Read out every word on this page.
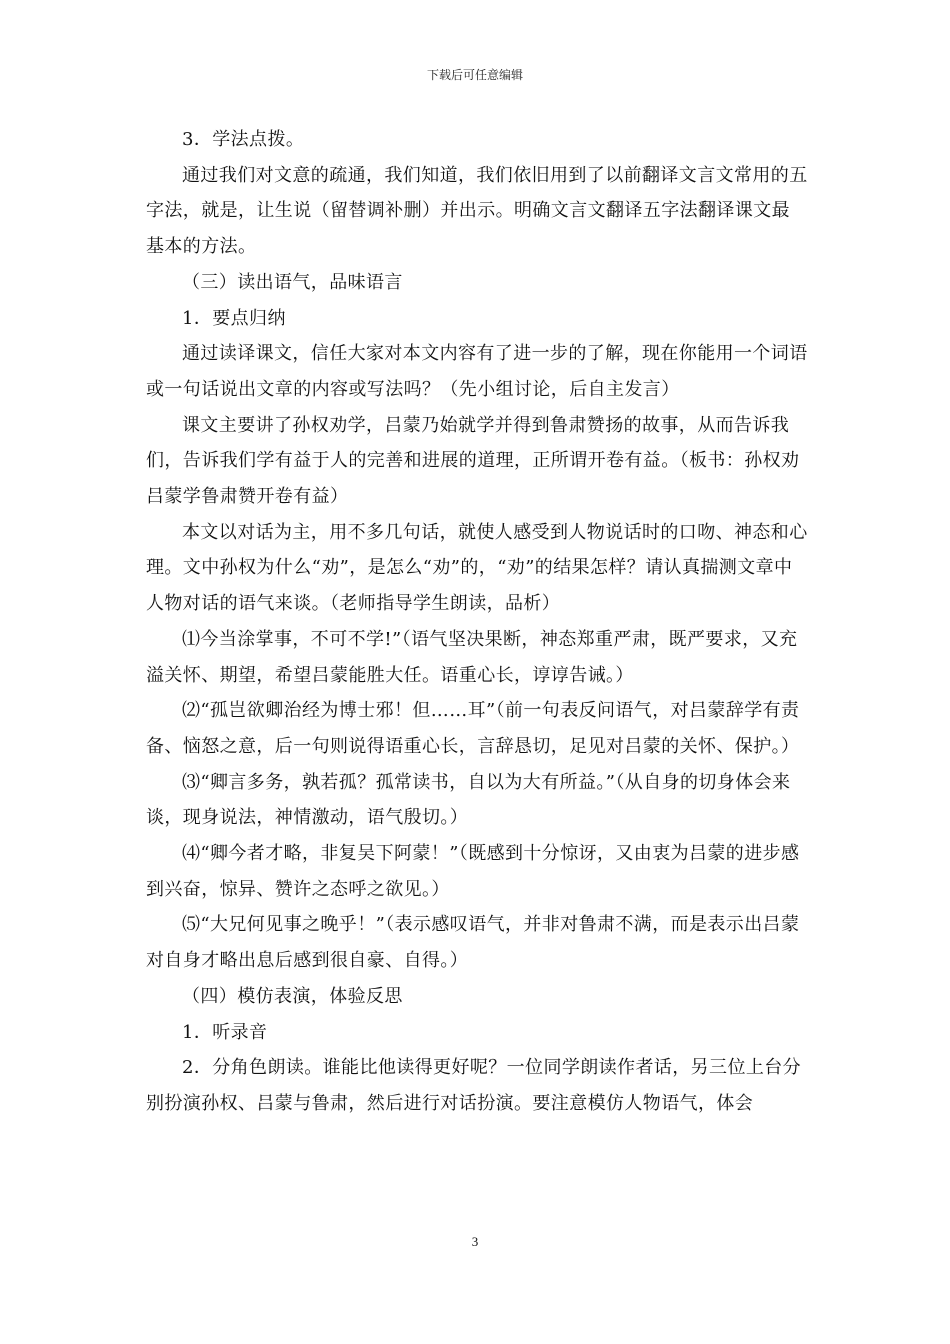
下载后可任意编辑

3．学法点拨。

通过我们对文意的疏通，我们知道，我们依旧用到了以前翻译文言文常用的五字法，就是，让生说（留替调补删）并出示。明确文言文翻译五字法翻译课文最基本的方法。

（三）读出语气，品味语言

1．要点归纳

通过读译课文，信任大家对本文内容有了进一步的了解，现在你能用一个词语或一句话说出文章的内容或写法吗？（先小组讨论，后自主发言）

课文主要讲了孙权劝学，吕蒙乃始就学并得到鲁肃赞扬的故事，从而告诉我们，告诉我们学有益于人的完善和进展的道理，正所谓开卷有益。（板书：孙权劝吕蒙学鲁肃赞开卷有益）

本文以对话为主，用不多几句话，就使人感受到人物说话时的口吻、神态和心理。文中孙权为什么“劝”，是怎么“劝”的，“劝”的结果怎样？请认真揣测文章中人物对话的语气来谈。（老师指导学生朗读，品析）

⑴今当涂掌事，不可不学!”（语气坚决果断，神态郑重严肃，既严要求，又充溢关怀、期望，希望吕蒙能胜大任。语重心长，谆谆告诫。）

⑵“孤岂欲卿治经为博士邪！但……耳”（前一句表反问语气，对吕蒙辞学有责备、恼怒之意，后一句则说得语重心长，言辞恳切，足见对吕蒙的关怀、保护。）

⑶“卿言多务，孰若孤？孤常读书，自以为大有所益。”（从自身的切身体会来谈，现身说法，神情激动，语气殷切。）

⑷“卿今者才略，非复吴下阿蒙！”（既感到十分惊讶，又由衷为吕蒙的进步感到兴奋，惊异、赞许之态呼之欲见。）

⑸“大兄何见事之晚乎！”（表示感叹语气，并非对鲁肃不满，而是表示出吕蒙对自身才略出息后感到很自豪、自得。）

（四）模仿表演，体验反思

1．听录音

2．分角色朗读。谁能比他读得更好呢？一位同学朗读作者话，另三位上台分别扮演孙权、吕蒙与鲁肃，然后进行对话扮演。要注意模仿人物语气，体会

3
